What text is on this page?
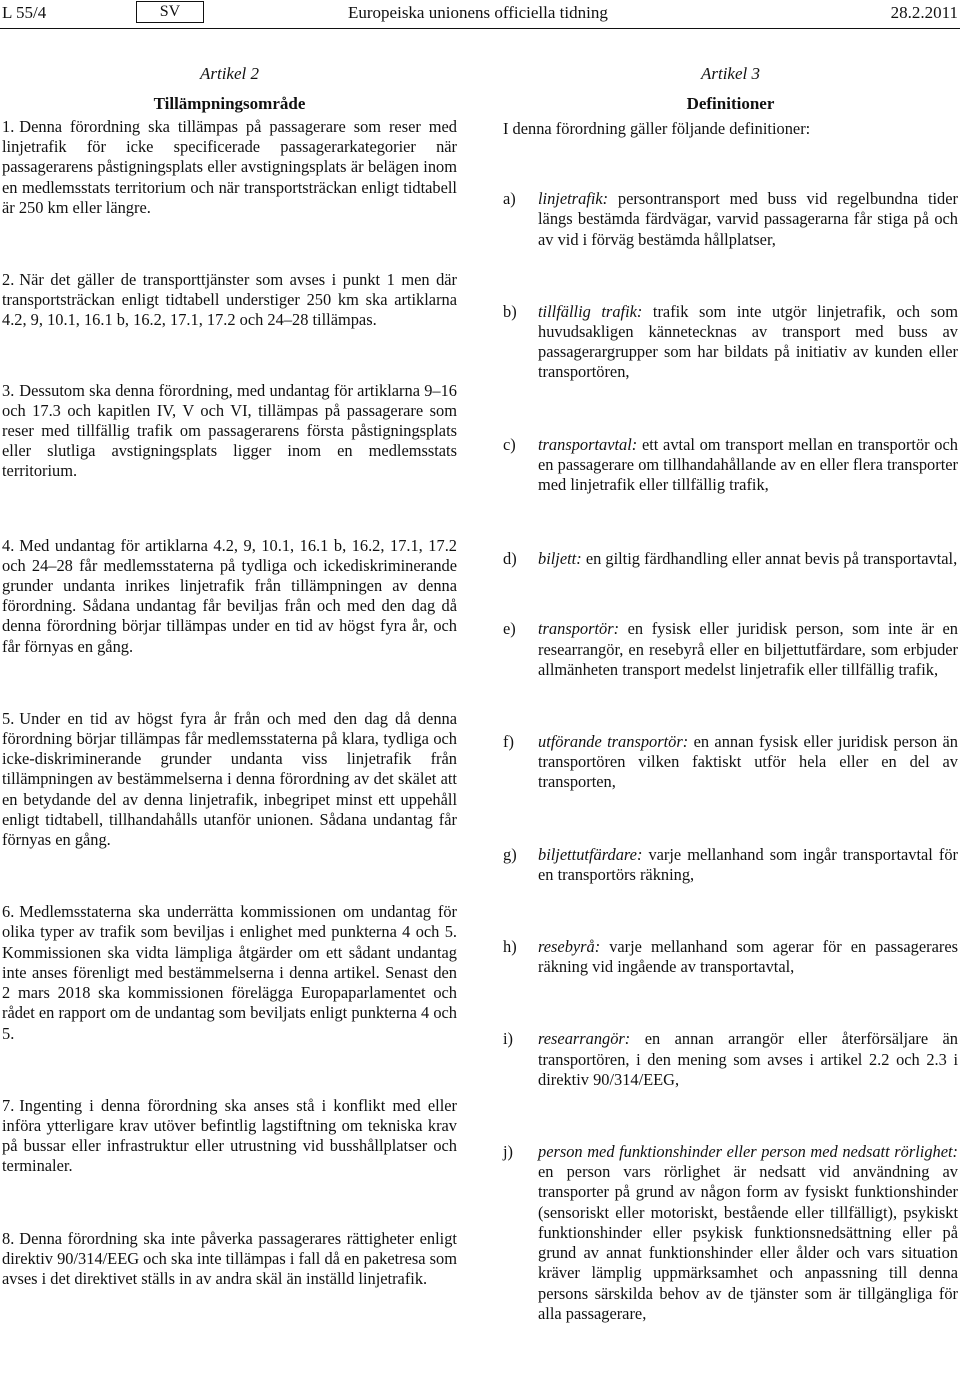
L 55/4	SV	Europeiska unionens officiella tidning	28.2.2011

Artikel 2

Tillämpningsområde

1. Denna förordning ska tillämpas på passagerare som reser med linjetrafik för icke specificerade passagerarkategorier när passagerarens påstigningsplats eller avstigningsplats är belägen inom en medlemsstats territorium och när transportsträckan enligt tidtabell är 250 km eller längre.

2. När det gäller de transporttjänster som avses i punkt 1 men där transportsträckan enligt tidtabell understiger 250 km ska artiklarna 4.2, 9, 10.1, 16.1 b, 16.2, 17.1, 17.2 och 24–28 tillämpas.

3. Dessutom ska denna förordning, med undantag för artiklarna 9–16 och 17.3 och kapitlen IV, V och VI, tillämpas på passagerare som reser med tillfällig trafik om passagerarens första påstigningsplats eller slutliga avstigningsplats ligger inom en medlemsstats territorium.

4. Med undantag för artiklarna 4.2, 9, 10.1, 16.1 b, 16.2, 17.1, 17.2 och 24–28 får medlemsstaterna på tydliga och ickediskriminerande grunder undanta inrikes linjetrafik från tillämpningen av denna förordning. Sådana undantag får beviljas från och med den dag då denna förordning börjar tillämpas under en tid av högst fyra år, och får förnyas en gång.

5. Under en tid av högst fyra år från och med den dag då denna förordning börjar tillämpas får medlemsstaterna på klara, tydliga och icke-diskriminerande grunder undanta viss linjetrafik från tillämpningen av bestämmelserna i denna förordning av det skälet att en betydande del av denna linjetrafik, inbegripet minst ett uppehåll enligt tidtabell, tillhandahålls utanför unionen. Sådana undantag får förnyas en gång.

6. Medlemsstaterna ska underrätta kommissionen om undantag för olika typer av trafik som beviljas i enlighet med punkterna 4 och 5. Kommissionen ska vidta lämpliga åtgärder om ett sådant undantag inte anses förenligt med bestämmelserna i denna artikel. Senast den 2 mars 2018 ska kommissionen förelägga Europaparlamentet och rådet en rapport om de undantag som beviljats enligt punkterna 4 och 5.

7. Ingenting i denna förordning ska anses stå i konflikt med eller införa ytterligare krav utöver befintlig lagstiftning om tekniska krav på bussar eller infrastruktur eller utrustning vid busshållplatser och terminaler.

8. Denna förordning ska inte påverka passagerares rättigheter enligt direktiv 90/314/EEG och ska inte tillämpas i fall då en paketresa som avses i det direktivet ställs in av andra skäl än inställd linjetrafik.

Artikel 3

Definitioner

I denna förordning gäller följande definitioner:

a) linjetrafik: persontransport med buss vid regelbundna tider längs bestämda färdvägar, varvid passagerarna får stiga på och av vid i förväg bestämda hållplatser,
b) tillfällig trafik: trafik som inte utgör linjetrafik, och som huvudsakligen kännetecknas av transport med buss av passagerargrupper som har bildats på initiativ av kunden eller transportören,
c) transportavtal: ett avtal om transport mellan en transportör och en passagerare om tillhandahållande av en eller flera transporter med linjetrafik eller tillfällig trafik,
d) biljett: en giltig färdhandling eller annat bevis på transportavtal,
e) transportör: en fysisk eller juridisk person, som inte är en researrangör, en resebyrå eller en biljettutfärdare, som erbjuder allmänheten transport medelst linjetrafik eller tillfällig trafik,
f) utförande transportör: en annan fysisk eller juridisk person än transportören vilken faktiskt utför hela eller en del av transporten,
g) biljettutfärdare: varje mellanhand som ingår transportavtal för en transportörs räkning,
h) resebyrå: varje mellanhand som agerar för en passagerares räkning vid ingående av transportavtal,
i) researrangör: en annan arrangör eller återförsäljare än transportören, i den mening som avses i artikel 2.2 och 2.3 i direktiv 90/314/EEG,
j) person med funktionshinder eller person med nedsatt rörlighet: en person vars rörlighet är nedsatt vid användning av transporter på grund av någon form av fysiskt funktionshinder (sensoriskt eller motoriskt, bestående eller tillfälligt), psykiskt funktionshinder eller psykisk funktionsnedsättning eller på grund av annat funktionshinder eller ålder och vars situation kräver lämplig uppmärksamhet och anpassning till denna persons särskilda behov av de tjänster som är tillgängliga för alla passagerare,
